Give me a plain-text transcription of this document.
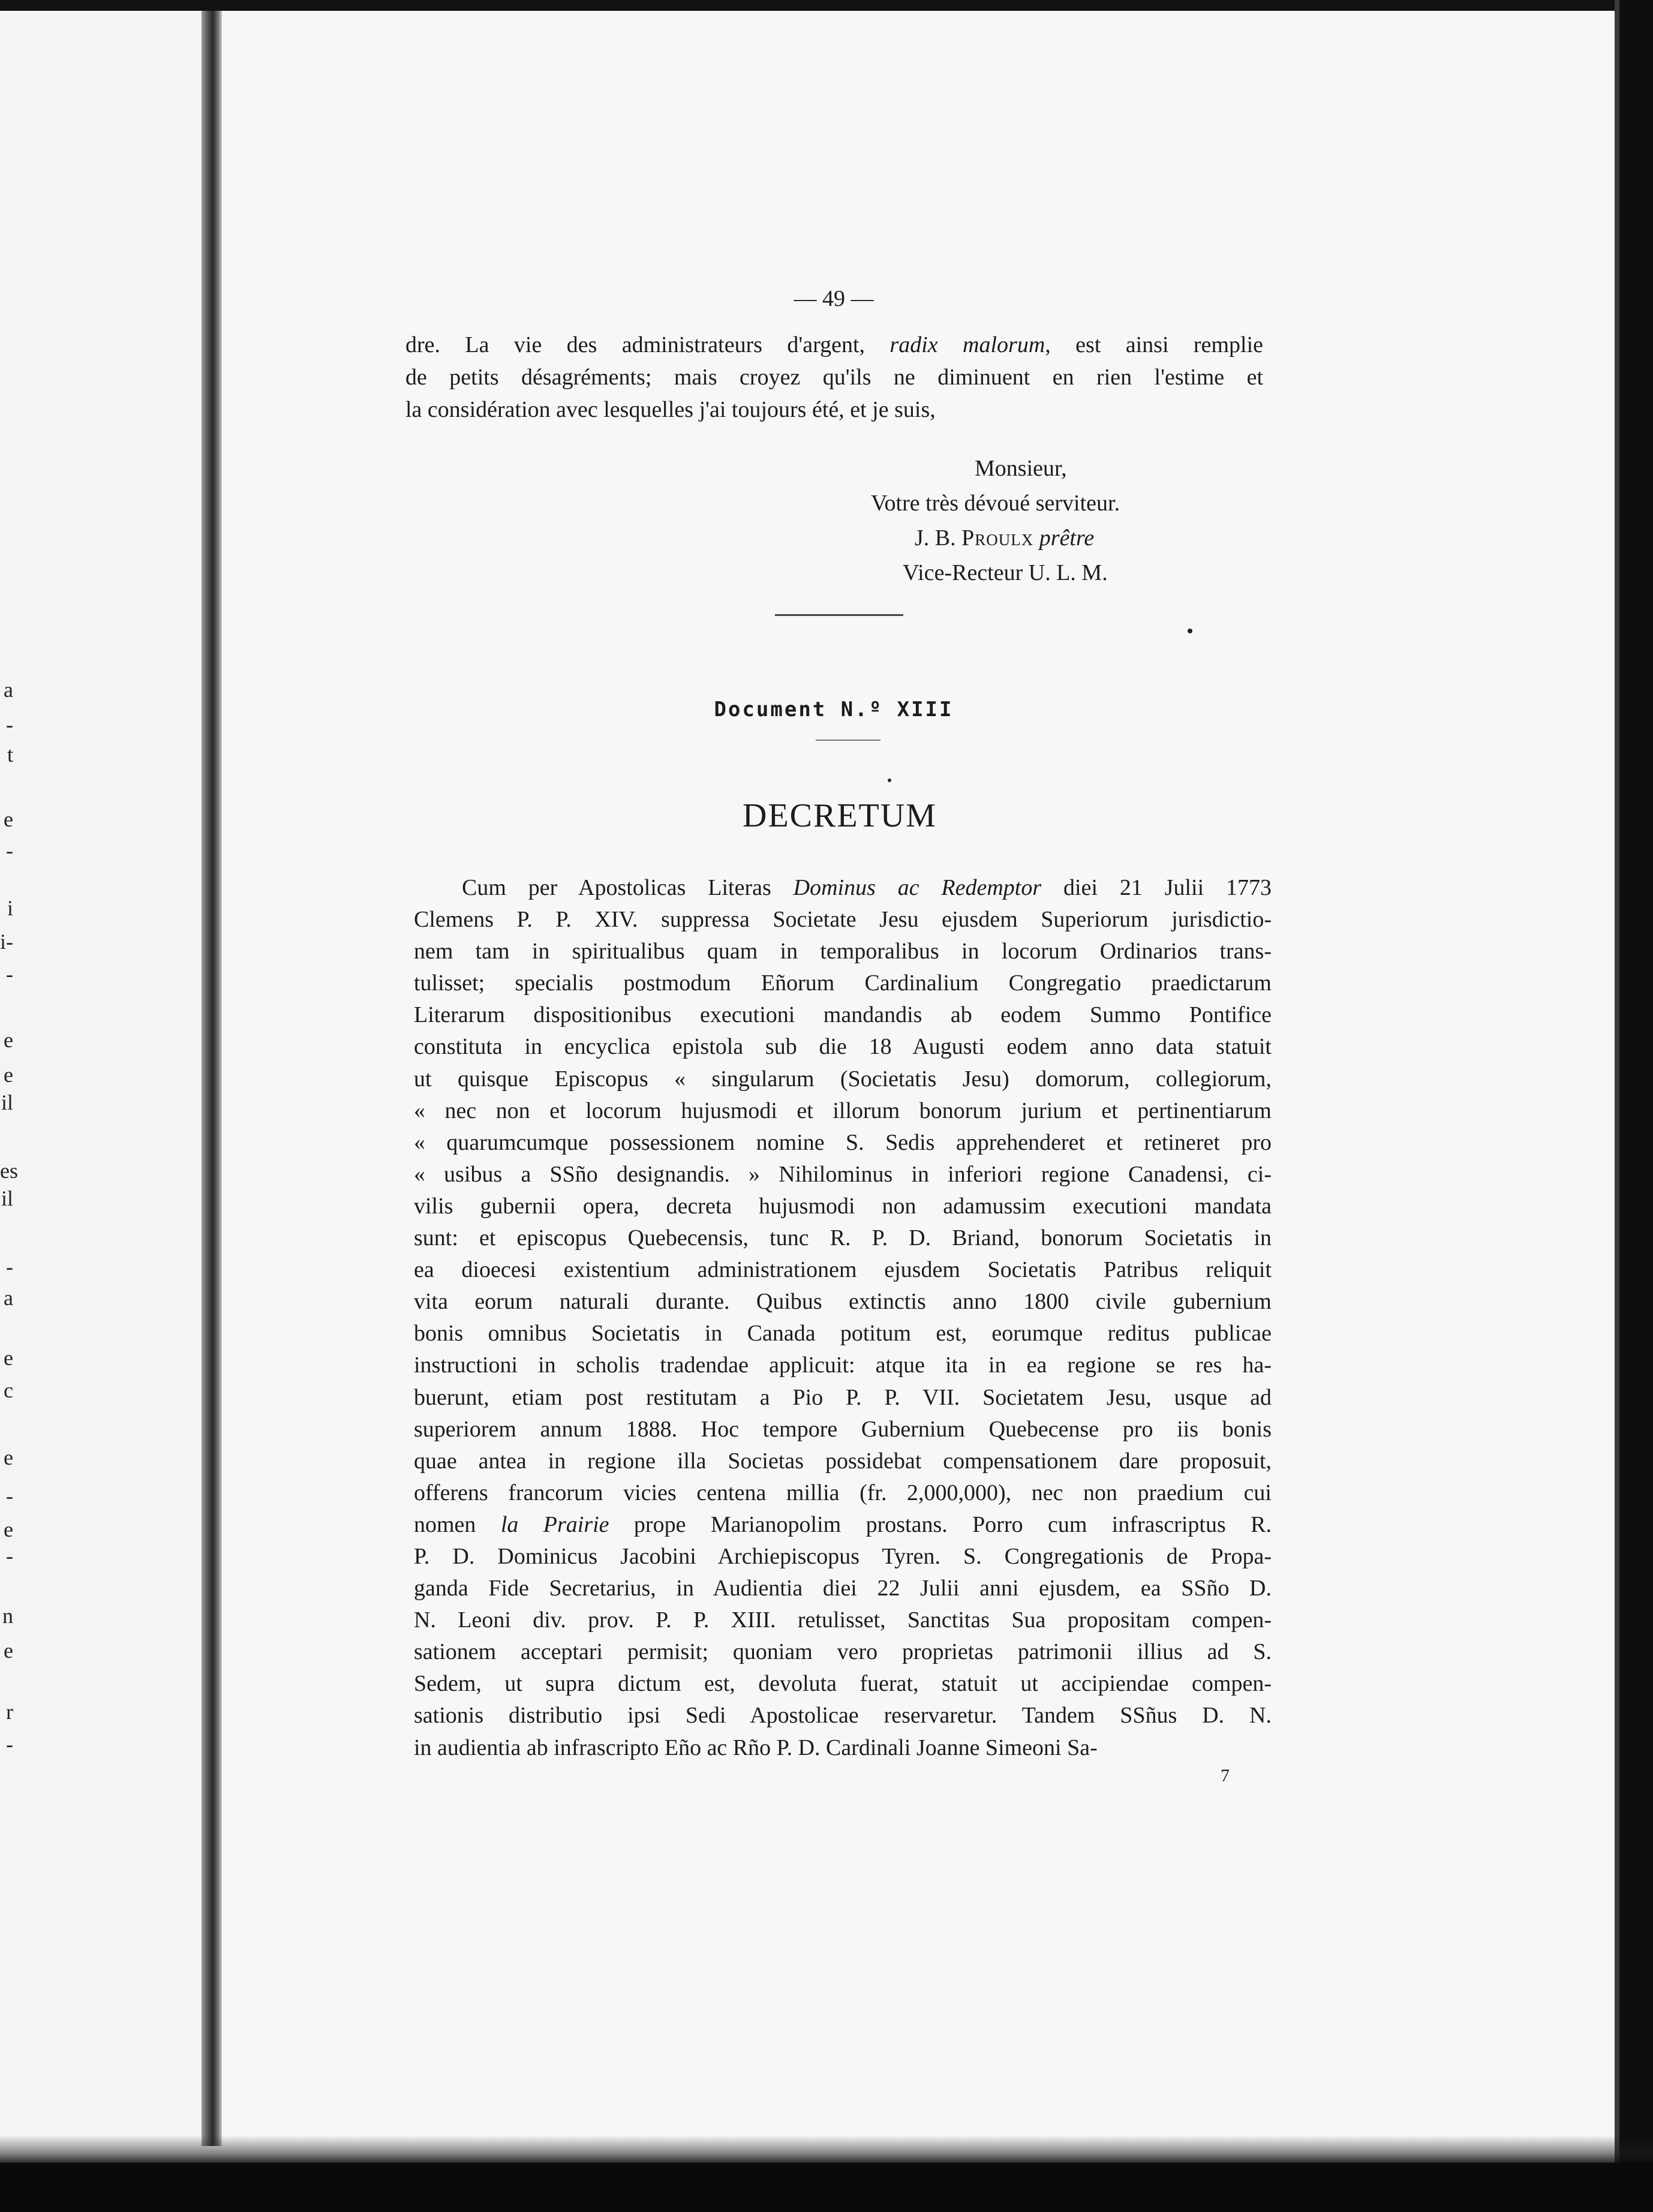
a
-
t
e
-
i
i-
-
e
e
il
es
il
-
a
e
c
e
-
e
-
n
e
r
-
— 49 —
dre. La vie des administrateurs d'argent, radix malorum, est ainsi remplie
de petits désagréments; mais croyez qu'ils ne diminuent en rien l'estime et
la considération avec lesquelles j'ai toujours été, et je suis,
Monsieur,
Votre très dévoué serviteur.
J. B. Proulx prêtre
Vice-Recteur U. L. M.
Document N.º XIII
DECRETUM
Cum per Apostolicas Literas Dominus ac Redemptor diei 21 Julii 1773
Clemens P. P. XIV. suppressa Societate Jesu ejusdem Superiorum jurisdictio-
nem tam in spiritualibus quam in temporalibus in locorum Ordinarios trans-
tulisset; specialis postmodum Eñorum Cardinalium Congregatio praedictarum
Literarum dispositionibus executioni mandandis ab eodem Summo Pontifice
constituta in encyclica epistola sub die 18 Augusti eodem anno data statuit
ut quisque Episcopus « singularum (Societatis Jesu) domorum, collegiorum,
« nec non et locorum hujusmodi et illorum bonorum jurium et pertinentiarum
« quarumcumque possessionem nomine S. Sedis apprehenderet et retineret pro
« usibus a SSño designandis. » Nihilominus in inferiori regione Canadensi, ci-
vilis gubernii opera, decreta hujusmodi non adamussim executioni mandata
sunt: et episcopus Quebecensis, tunc R. P. D. Briand, bonorum Societatis in
ea dioecesi existentium administrationem ejusdem Societatis Patribus reliquit
vita eorum naturali durante. Quibus extinctis anno 1800 civile gubernium
bonis omnibus Societatis in Canada potitum est, eorumque reditus publicae
instructioni in scholis tradendae applicuit: atque ita in ea regione se res ha-
buerunt, etiam post restitutam a Pio P. P. VII. Societatem Jesu, usque ad
superiorem annum 1888. Hoc tempore Gubernium Quebecense pro iis bonis
quae antea in regione illa Societas possidebat compensationem dare proposuit,
offerens francorum vicies centena millia (fr. 2,000,000), nec non praedium cui
nomen la Prairie prope Marianopolim prostans. Porro cum infrascriptus R.
P. D. Dominicus Jacobini Archiepiscopus Tyren. S. Congregationis de Propa-
ganda Fide Secretarius, in Audientia diei 22 Julii anni ejusdem, ea SSño D.
N. Leoni div. prov. P. P. XIII. retulisset, Sanctitas Sua propositam compen-
sationem acceptari permisit; quoniam vero proprietas patrimonii illius ad S.
Sedem, ut supra dictum est, devoluta fuerat, statuit ut accipiendae compen-
sationis distributio ipsi Sedi Apostolicae reservaretur. Tandem SSñus D. N.
in audientia ab infrascripto Eño ac Rño P. D. Cardinali Joanne Simeoni Sa-
7
